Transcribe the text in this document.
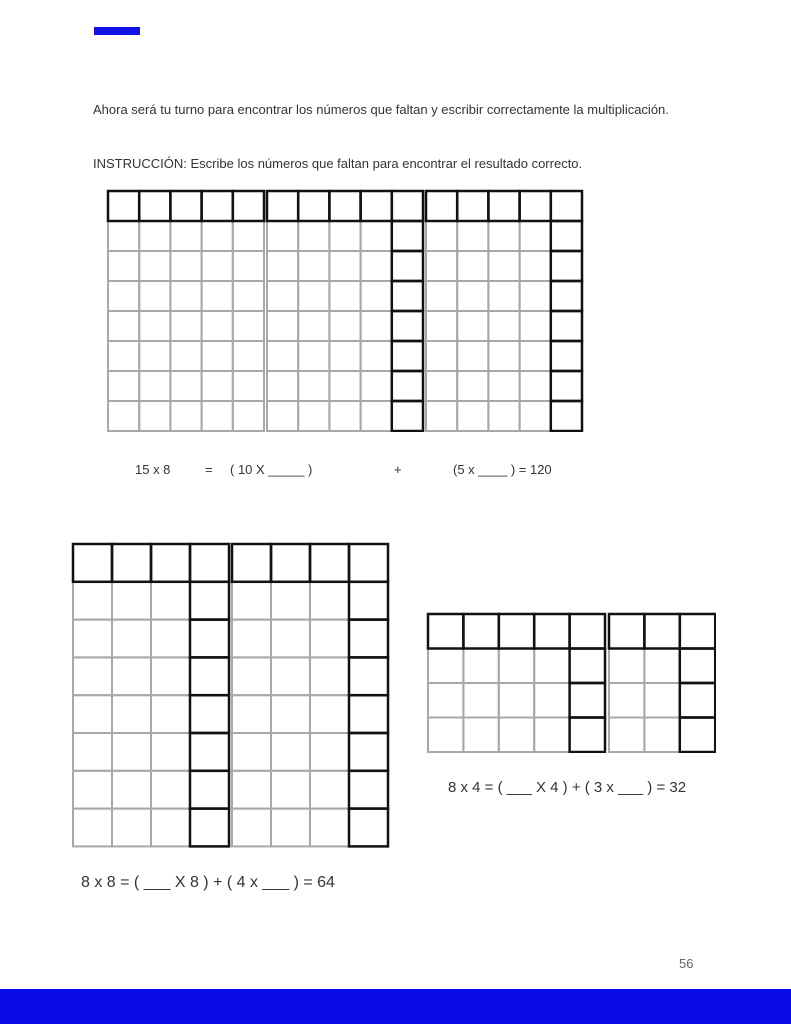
Ahora será tu turno para encontrar los números que faltan y escribir correctamente la multiplicación.

INSTRUCCIÓN: Escribe los números que faltan para encontrar el resultado correcto.

15 x 8	= ( 10 X _____ )	+	(5 x ____ ) = 120
8 x 8 = ( ___ X 8 ) + ( 4 x ___ ) = 64
8 x 4 = ( ___ X 4 ) + ( 3 x ___ ) = 32
56
